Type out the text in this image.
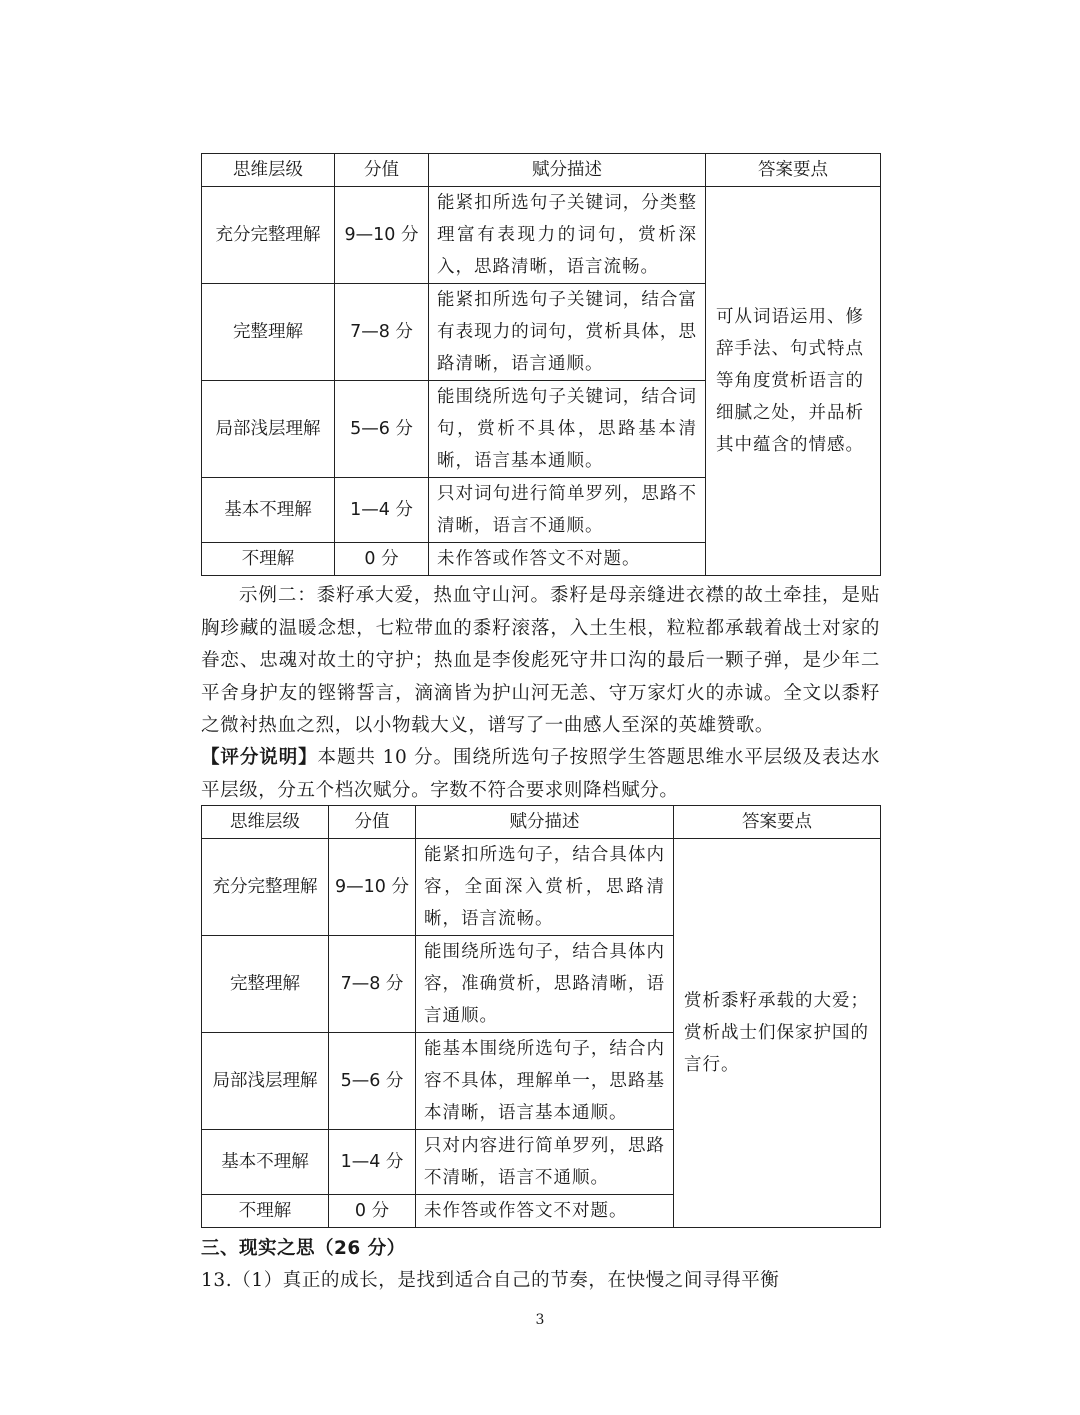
思维层级	分值	赋分描述	答案要点
充分完整理解	9—10 分	能紧扣所选句子关键词，分类整理富有表现力的词句，赏析深入，思路清晰，语言流畅。	可从词语运用、修辞手法、句式特点等角度赏析语言的细腻之处，并品析其中蕴含的情感。
完整理解	7—8 分	能紧扣所选句子关键词，结合富有表现力的词句，赏析具体，思路清晰，语言通顺。	
局部浅层理解	5—6 分	能围绕所选句子关键词，结合词句，赏析不具体，思路基本清晰，语言基本通顺。	
基本不理解	1—4 分	只对词句进行简单罗列，思路不清晰，语言不通顺。	
不理解	0 分	未作答或作答文不对题。	

示例二：黍籽承大爱，热血守山河。黍籽是母亲缝进衣襟的故土牵挂，是贴胸珍藏的温暖念想，七粒带血的黍籽滚落，入土生根，粒粒都承载着战士对家的眷恋、忠魂对故土的守护；热血是李俊彪死守井口沟的最后一颗子弹，是少年二平舍身护友的铿锵誓言，滴滴皆为护山河无恙、守万家灯火的赤诚。全文以黍籽之微衬热血之烈，以小物载大义，谱写了一曲感人至深的英雄赞歌。

【评分说明】本题共 10 分。围绕所选句子按照学生答题思维水平层级及表达水平层级，分五个档次赋分。字数不符合要求则降档赋分。

思维层级	分值	赋分描述	答案要点
充分完整理解	9—10 分	能紧扣所选句子，结合具体内容，全面深入赏析，思路清晰，语言流畅。	赏析黍籽承载的大爱；赏析战士们保家护国的言行。
完整理解	7—8 分	能围绕所选句子，结合具体内容，准确赏析，思路清晰，语言通顺。	
局部浅层理解	5—6 分	能基本围绕所选句子，结合内容不具体，理解单一，思路基本清晰，语言基本通顺。	
基本不理解	1—4 分	只对内容进行简单罗列，思路不清晰，语言不通顺。	
不理解	0 分	未作答或作答文不对题。	

三、现实之思（26 分）

13.（1）真正的成长，是找到适合自己的节奏，在快慢之间寻得平衡

3
